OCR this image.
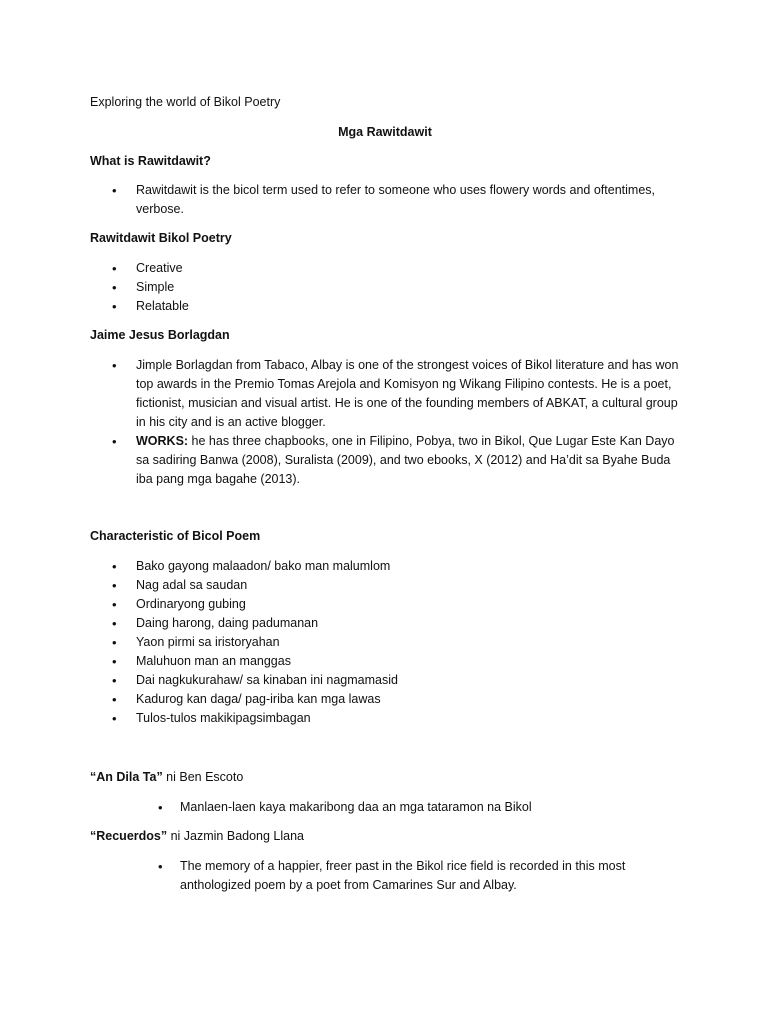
Exploring the world of Bikol Poetry
Mga Rawitdawit
What is Rawitdawit?
• Rawitdawit is the bicol term used to refer to someone who uses flowery words and oftentimes, verbose.
Rawitdawit Bikol Poetry
• Creative
• Simple
• Relatable
Jaime Jesus Borlagdan
• Jimple Borlagdan from Tabaco, Albay is one of the strongest voices of Bikol literature and has won top awards in the Premio Tomas Arejola and Komisyon ng Wikang Filipino contests. He is a poet, fictionist, musician and visual artist. He is one of the founding members of ABKAT, a cultural group in his city and is an active blogger.
• WORKS: he has three chapbooks, one in Filipino, Pobya, two in Bikol, Que Lugar Este Kan Dayo sa sadiring Banwa (2008), Suralista (2009), and two ebooks, X (2012) and Ha’dit sa Byahe Buda iba pang mga bagahe (2013).
Characteristic of Bicol Poem
• Bako gayong malaadon/ bako man malumlom
• Nag adal sa saudan
• Ordinaryong gubing
• Daing harong, daing padumanan
• Yaon pirmi sa iristoryahan
• Maluhuon man an manggas
• Dai nagkukurahaw/ sa kinaban ini nagmamasid
• Kadurog kan daga/ pag-iriba kan mga lawas
• Tulos-tulos makikipagsimbagan
“An Dila Ta” ni Ben Escoto
• Manlaen-laen kaya makaribong daa an mga tataramon na Bikol
“Recuerdos” ni Jazmin Badong Llana
• The memory of a happier, freer past in the Bikol rice field is recorded in this most anthologized poem by a poet from Camarines Sur and Albay.
